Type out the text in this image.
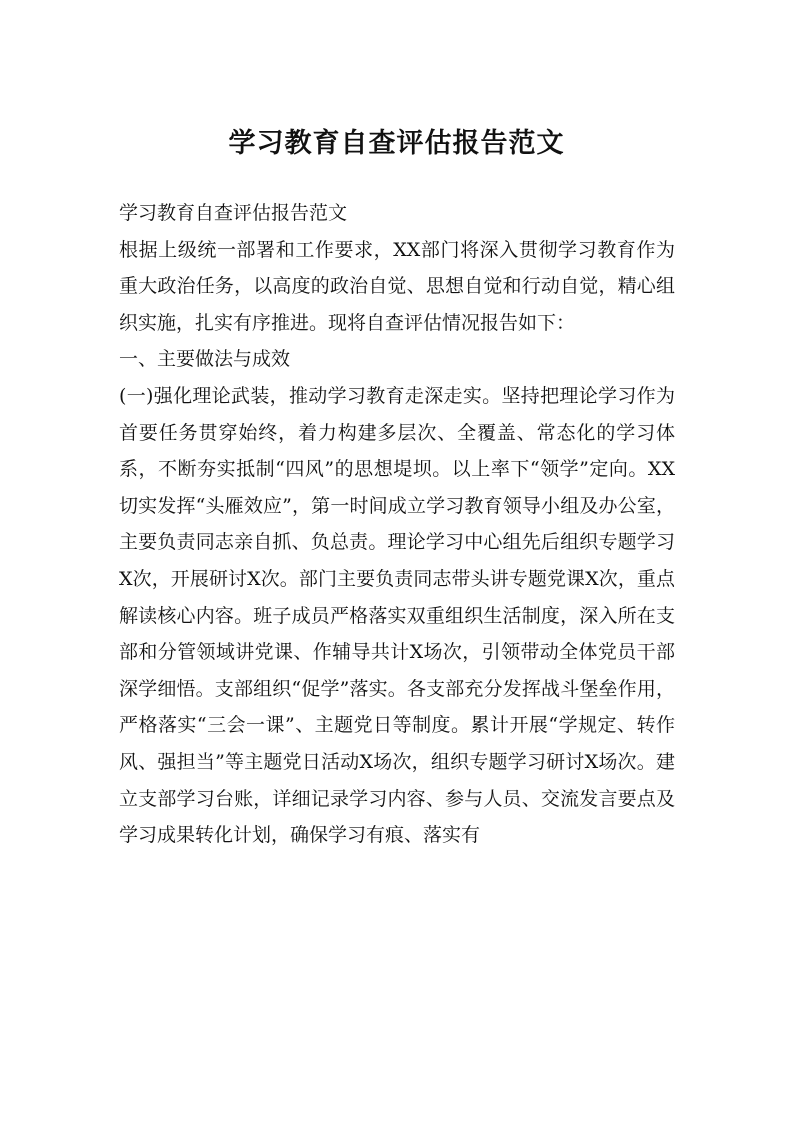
学习教育自查评估报告范文

学习教育自查评估报告范文

根据上级统一部署和工作要求，XX部门将深入贯彻学习教育作为重大政治任务，以高度的政治自觉、思想自觉和行动自觉，精心组织实施，扎实有序推进。现将自查评估情况报告如下：

一、主要做法与成效

(一)强化理论武装，推动学习教育走深走实。坚持把理论学习作为首要任务贯穿始终，着力构建多层次、全覆盖、常态化的学习体系，不断夯实抵制“四风”的思想堤坝。以上率下“领学”定向。XX切实发挥“头雁效应”，第一时间成立学习教育领导小组及办公室，主要负责同志亲自抓、负总责。理论学习中心组先后组织专题学习X次，开展研讨X次。部门主要负责同志带头讲专题党课X次，重点解读核心内容。班子成员严格落实双重组织生活制度，深入所在支部和分管领域讲党课、作辅导共计X场次，引领带动全体党员干部深学细悟。支部组织“促学”落实。各支部充分发挥战斗堡垒作用，严格落实“三会一课”、主题党日等制度。累计开展“学规定、转作风、强担当”等主题党日活动X场次，组织专题学习研讨X场次。建立支部学习台账，详细记录学习内容、参与人员、交流发言要点及学习成果转化计划，确保学习有痕、落实有
